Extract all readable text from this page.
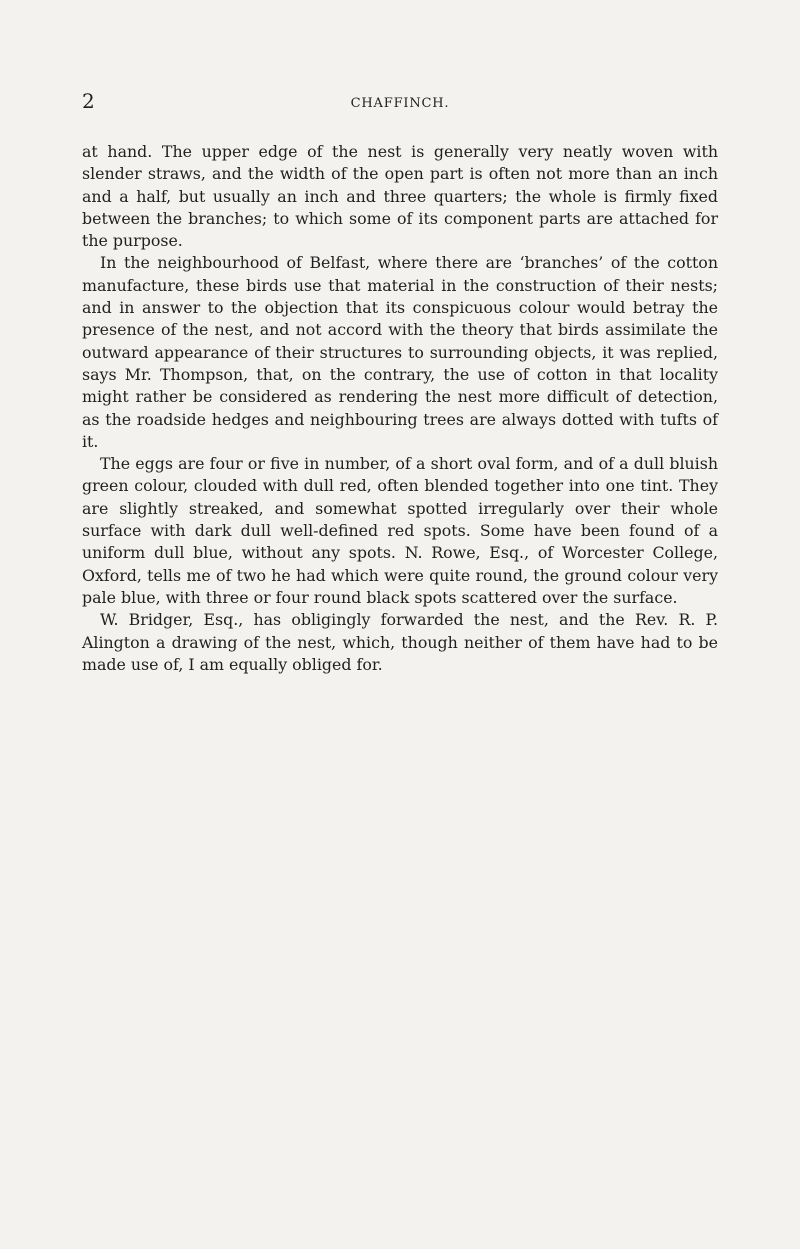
2	CHAFFINCH.

at hand. The upper edge of the nest is generally very neatly woven with slender straws, and the width of the open part is often not more than an inch and a half, but usually an inch and three quarters; the whole is firmly fixed between the branches; to which some of its component parts are attached for the purpose.

In the neighbourhood of Belfast, where there are ‘branches’ of the cotton manufacture, these birds use that material in the construction of their nests; and in answer to the objection that its conspicuous colour would betray the presence of the nest, and not accord with the theory that birds assimilate the outward appearance of their structures to surrounding objects, it was replied, says Mr. Thompson, that, on the contrary, the use of cotton in that locality might rather be considered as rendering the nest more difficult of detection, as the roadside hedges and neighbouring trees are always dotted with tufts of it.

The eggs are four or five in number, of a short oval form, and of a dull bluish green colour, clouded with dull red, often blended together into one tint. They are slightly streaked, and somewhat spotted irregularly over their whole surface with dark dull well-defined red spots. Some have been found of a uniform dull blue, without any spots. N. Rowe, Esq., of Worcester College, Oxford, tells me of two he had which were quite round, the ground colour very pale blue, with three or four round black spots scattered over the surface.

W. Bridger, Esq., has obligingly forwarded the nest, and the Rev. R. P. Alington a drawing of the nest, which, though neither of them have had to be made use of, I am equally obliged for.
